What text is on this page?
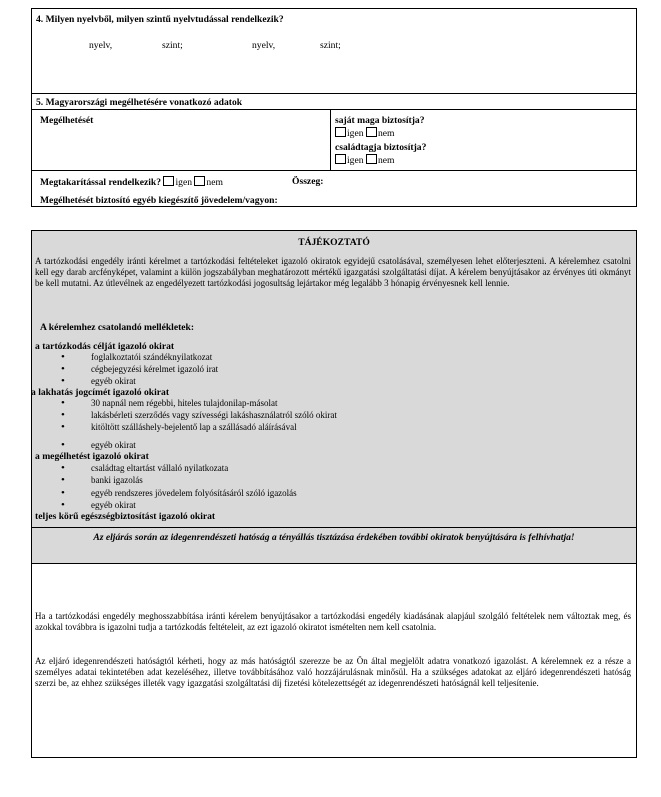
4. Milyen nyelvből, milyen szintű nyelvtudással rendelkezik?
nyelv,	szint;	nyelv,	szint;
5. Magyarországi megélhetésére vonatkozó adatok
Megélhetését	saját maga biztosítja?
igen nem
családtagja biztosítja?
igen nem
Megtakarítással rendelkezik? igen nem	Összeg:
Megélhetését biztosító egyéb kiegészítő jövedelem/vagyon:
TÁJÉKOZTATÓ
A tartózkodási engedély iránti kérelmet a tartózkodási feltételeket igazoló okiratok egyidejű csatolásával, személyesen lehet előterjeszteni. A kérelemhez csatolni kell egy darab arcfényképet, valamint a külön jogszabályban meghatározott mértékű igazgatási szolgáltatási díjat. A kérelem benyújtásakor az érvényes úti okmányt be kell mutatni. Az útlevélnek az engedélyezett tartózkodási jogosultság lejártakor még legalább 3 hónapig érvényesnek kell lennie.
A kérelemhez csatolandó mellékletek:
a tartózkodás célját igazoló okirat
• foglalkoztatói szándéknyilatkozat
• cégbejegyzési kérelmet igazoló irat
• egyéb okirat
a lakhatás jogcímét igazoló okirat
• 30 napnál nem régebbi, hiteles tulajdonilap-másolat
• lakásbérleti szerződés vagy szívességi lakáshasználatról szóló okirat
• kitöltött szálláshely-bejelentő lap a szállásadó aláírásával
• egyéb okirat
a megélhetést igazoló okirat
• családtag eltartást vállaló nyilatkozata
• banki igazolás
• egyéb rendszeres jövedelem folyósításáról szóló igazolás
• egyéb okirat
teljes körű egészségbiztosítást igazoló okirat
Az eljárás során az idegenrendészeti hatóság a tényállás tisztázása érdekében további okiratok benyújtására is felhívhatja!
Ha a tartózkodási engedély meghosszabbítása iránti kérelem benyújtásakor a tartózkodási engedély kiadásának alapjául szolgáló feltételek nem változtak meg, és azokkal továbbra is igazolni tudja a tartózkodás feltételeit, az ezt igazoló okiratot ismételten nem kell csatolnia.
Az eljáró idegenrendészeti hatóságtól kérheti, hogy az más hatóságtól szerezze be az Ön által megjelölt adatra vonatkozó igazolást. A kérelemnek ez a része a személyes adatai tekintetében adat kezeléséhez, illetve továbbításához való hozzájárulásnak minősül. Ha a szükséges adatokat az eljáró idegenrendészeti hatóság szerzi be, az ehhez szükséges illeték vagy igazgatási szolgáltatási díj fizetési kötelezettségét az idegenrendészeti hatóságnál kell teljesítenie.
